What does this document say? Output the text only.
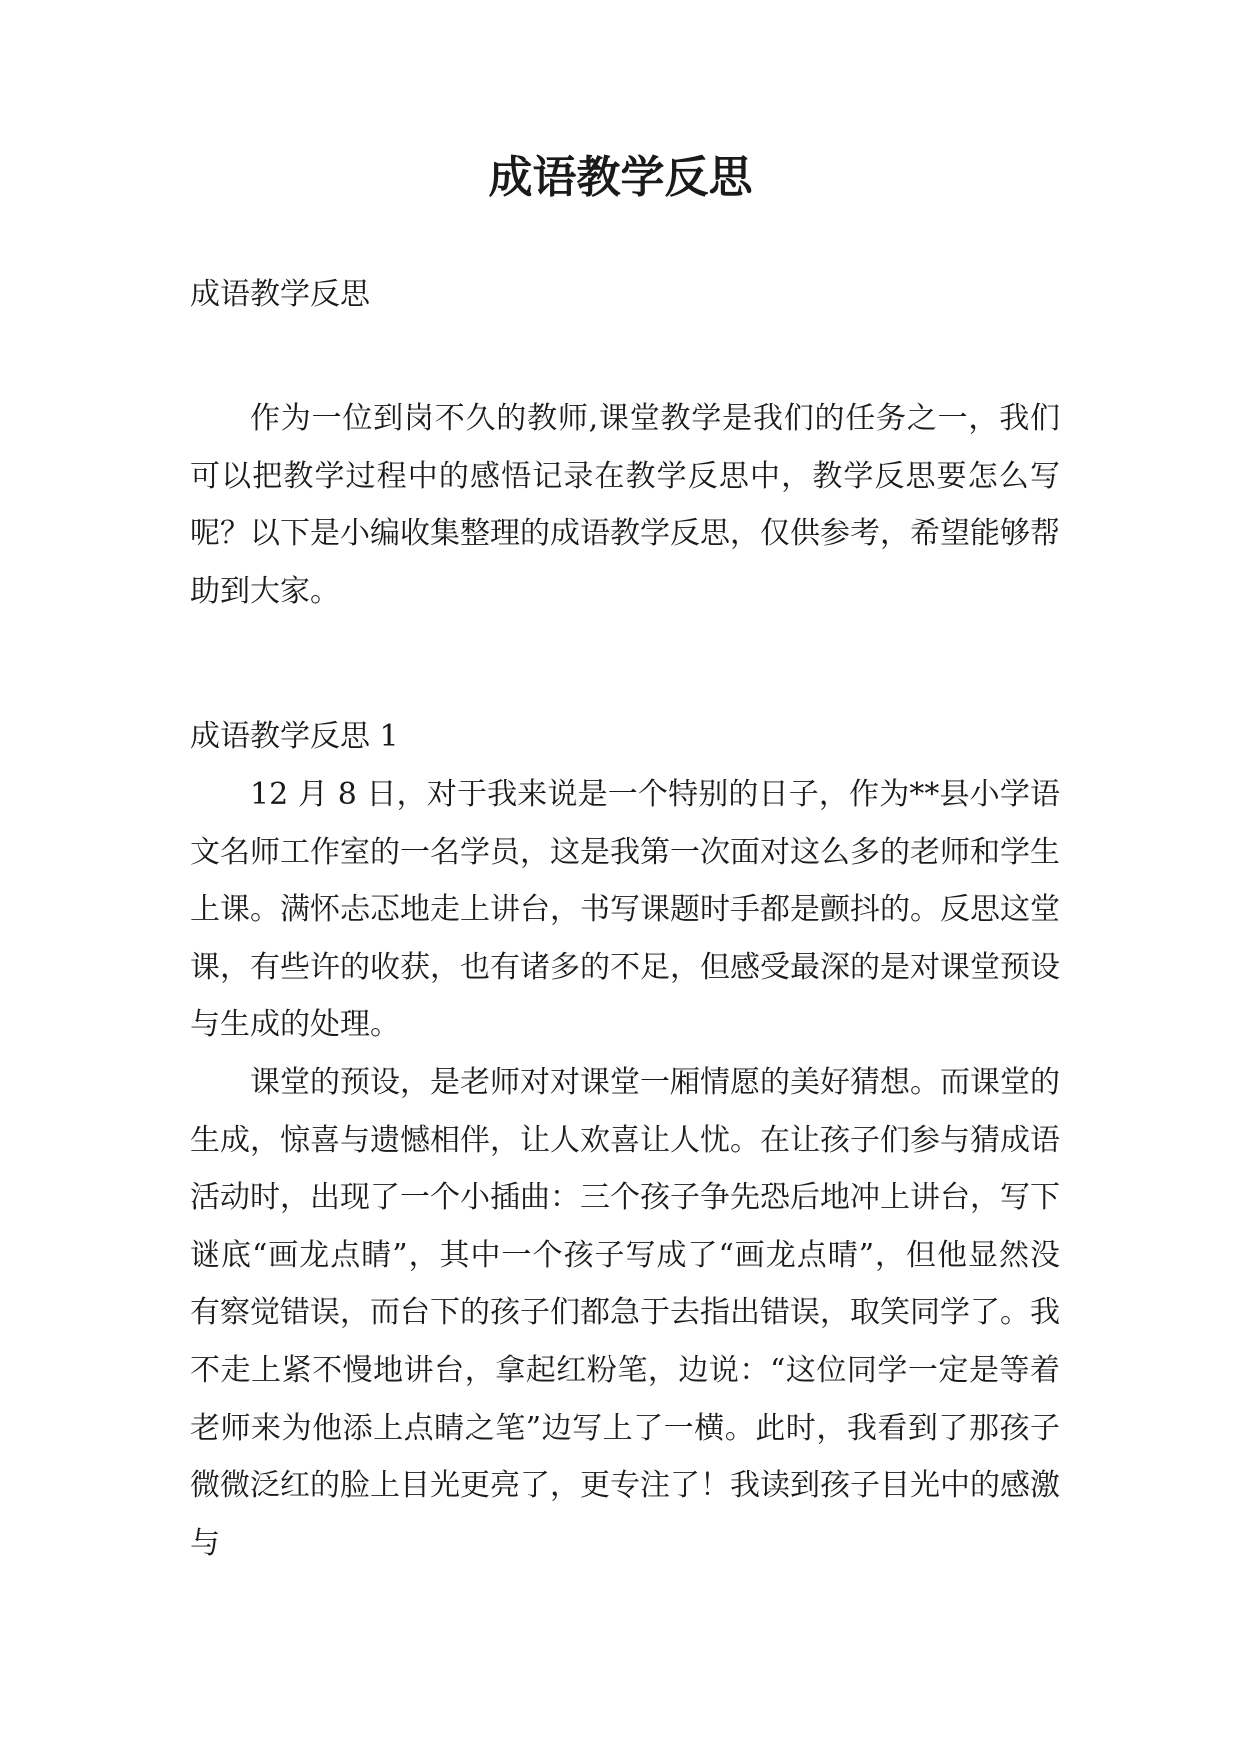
成语教学反思

成语教学反思

作为一位到岗不久的教师,课堂教学是我们的任务之一，我们可以把教学过程中的感悟记录在教学反思中，教学反思要怎么写呢？以下是小编收集整理的成语教学反思，仅供参考，希望能够帮助到大家。

成语教学反思 1

12 月 8 日，对于我来说是一个特别的日子，作为**县小学语文名师工作室的一名学员，这是我第一次面对这么多的老师和学生上课。满怀忐忑地走上讲台，书写课题时手都是颤抖的。反思这堂课，有些许的收获，也有诸多的不足，但感受最深的是对课堂预设与生成的处理。

课堂的预设，是老师对对课堂一厢情愿的美好猜想。而课堂的生成，惊喜与遗憾相伴，让人欢喜让人忧。在让孩子们参与猜成语活动时，出现了一个小插曲：三个孩子争先恐后地冲上讲台，写下谜底“画龙点睛”，其中一个孩子写成了“画龙点晴”，但他显然没有察觉错误，而台下的孩子们都急于去指出错误，取笑同学了。我不走上紧不慢地讲台，拿起红粉笔，边说：“这位同学一定是等着老师来为他添上点睛之笔”边写上了一横。此时，我看到了那孩子微微泛红的脸上目光更亮了，更专注了！我读到孩子目光中的感激与
